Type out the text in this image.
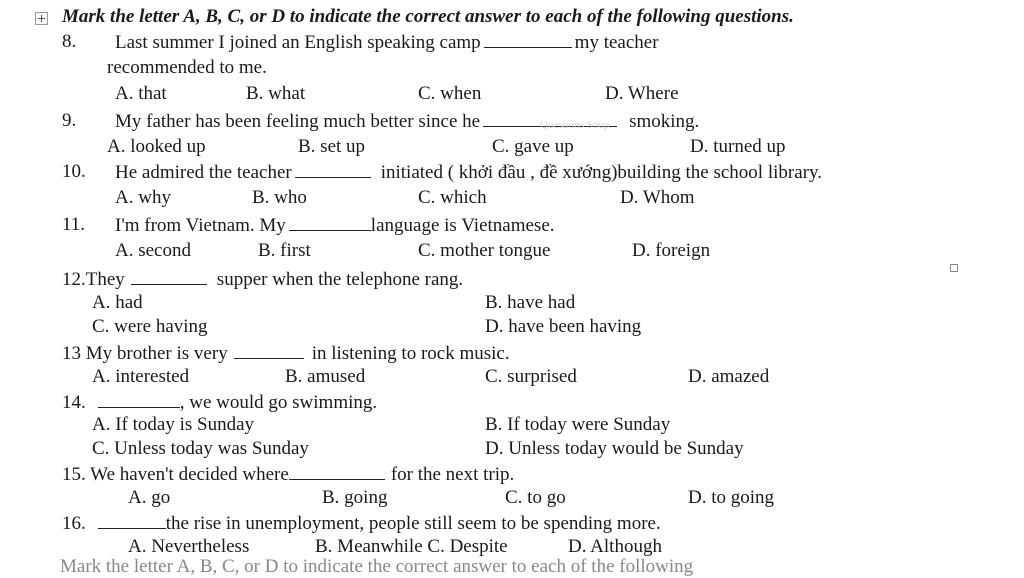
Mark the letter A, B, C, or D to indicate the correct answer to each of the following questions.
8. Last summer I joined an English speaking camp	my teacher
recommended to me.
A. that	B. what	C. when	D. Where
9. My father has been feeling much better since he	smoking.
Questions Soup
A. looked up	B. set up	C. gave up	D. turned up
10. He admired the teacher	initiated ( khởi đầu , đề xướng)building the school library.
A. why	B. who	C. which	D. Whom
11. I'm from Vietnam. My	language is Vietnamese.
A. second	B. first	C. mother tongue	D. foreign
12.They	supper when the telephone rang.
A. had	B. have had
C. were having	D. have been having
13 My brother is very	in listening to rock music.
A. interested	B. amused	C. surprised	D. amazed
14.	, we would go swimming.
A. If today is Sunday	B. If today were Sunday
C. Unless today was Sunday	D. Unless today would be Sunday
15. We haven't decided where	for the next trip.
A. go	B. going	C. to go	D. to going
16.	the rise in unemployment, people still seem to be spending more.
A. Nevertheless	B. Meanwhile C. Despite	D. Although
Mark the letter A, B, C, or D to indicate the correct answer to each of the following
